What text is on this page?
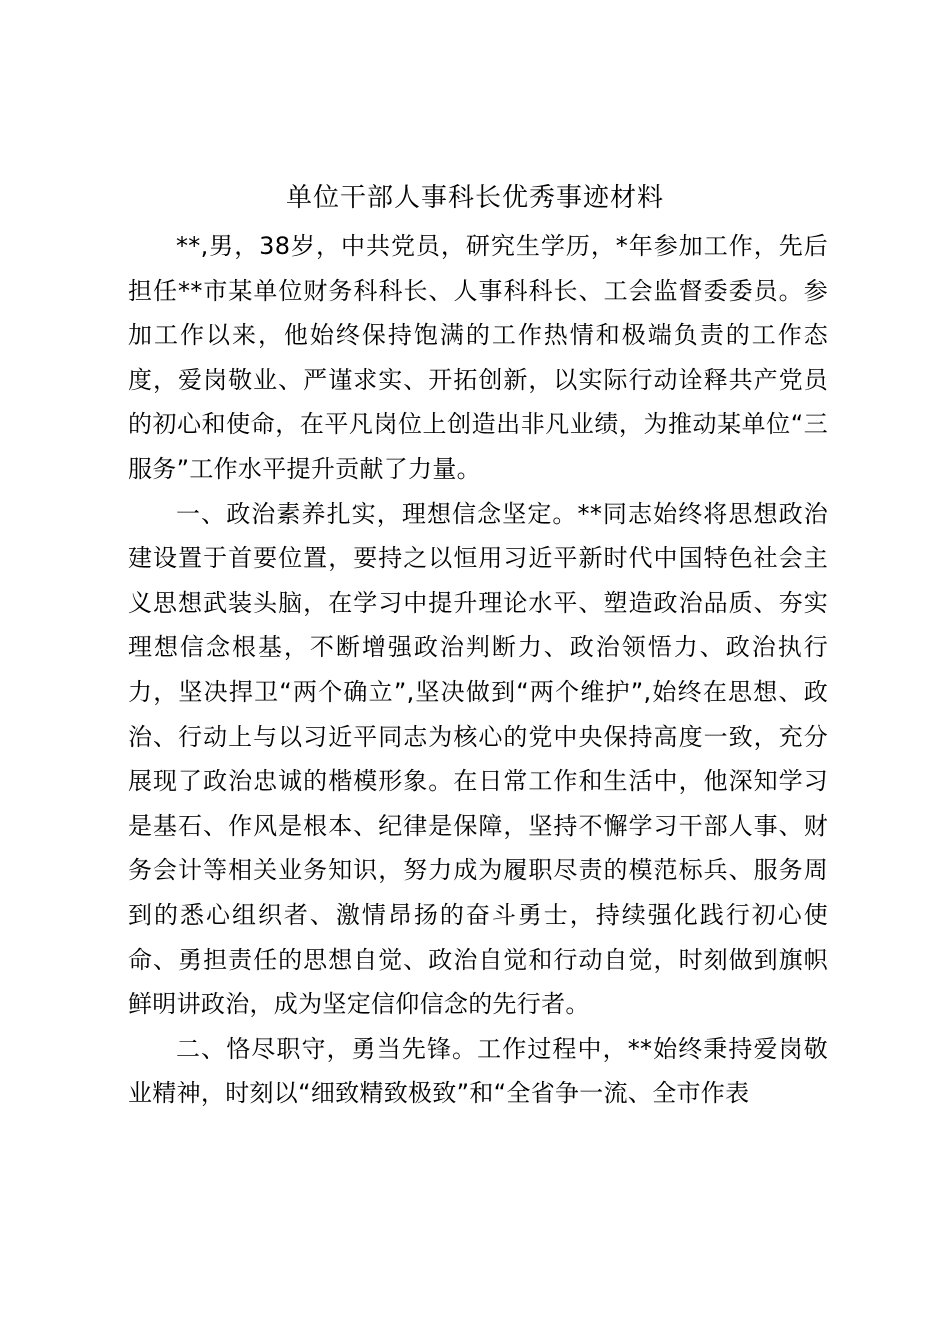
单位干部人事科长优秀事迹材料

**,男，38岁，中共党员，研究生学历，*年参加工作，先后担任**市某单位财务科科长、人事科科长、工会监督委委员。参加工作以来，他始终保持饱满的工作热情和极端负责的工作态度，爱岗敬业、严谨求实、开拓创新，以实际行动诠释共产党员的初心和使命，在平凡岗位上创造出非凡业绩，为推动某单位“三服务”工作水平提升贡献了力量。

一、政治素养扎实，理想信念坚定。**同志始终将思想政治建设置于首要位置，要持之以恒用习近平新时代中国特色社会主义思想武装头脑，在学习中提升理论水平、塑造政治品质、夯实理想信念根基，不断增强政治判断力、政治领悟力、政治执行力，坚决捍卫“两个确立”,坚决做到“两个维护”,始终在思想、政治、行动上与以习近平同志为核心的党中央保持高度一致，充分展现了政治忠诚的楷模形象。在日常工作和生活中，他深知学习是基石、作风是根本、纪律是保障，坚持不懈学习干部人事、财务会计等相关业务知识，努力成为履职尽责的模范标兵、服务周到的悉心组织者、激情昂扬的奋斗勇士，持续强化践行初心使命、勇担责任的思想自觉、政治自觉和行动自觉，时刻做到旗帜鲜明讲政治，成为坚定信仰信念的先行者。

二、恪尽职守，勇当先锋。工作过程中，**始终秉持爱岗敬业精神，时刻以“细致精致极致”和“全省争一流、全市作表
